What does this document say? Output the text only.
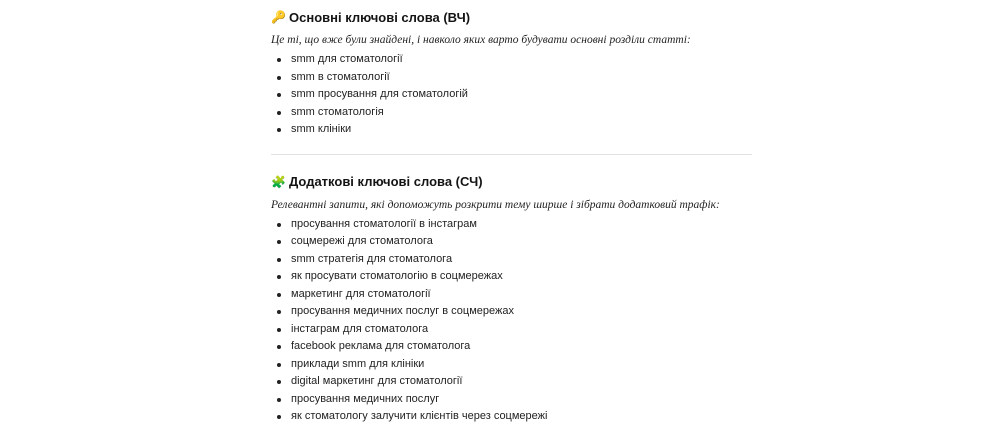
🔑 Основні ключові слова (ВЧ)

Це ті, що вже були знайдені, і навколо яких варто будувати основні розділи статті:

smm для стоматології
smm в стоматології
smm просування для стоматологій
smm стоматологія
smm клініки
🧩 Додаткові ключові слова (СЧ)

Релевантні запити, які допоможуть розкрити тему ширше і зібрати додатковий трафік:

просування стоматології в інстаграм
соцмережі для стоматолога
smm стратегія для стоматолога
як просувати стоматологію в соцмережах
маркетинг для стоматології
просування медичних послуг в соцмережах
інстаграм для стоматолога
facebook реклама для стоматолога
приклади smm для клініки
digital маркетинг для стоматології
просування медичних послуг
як стоматологу залучити клієнтів через соцмережі
